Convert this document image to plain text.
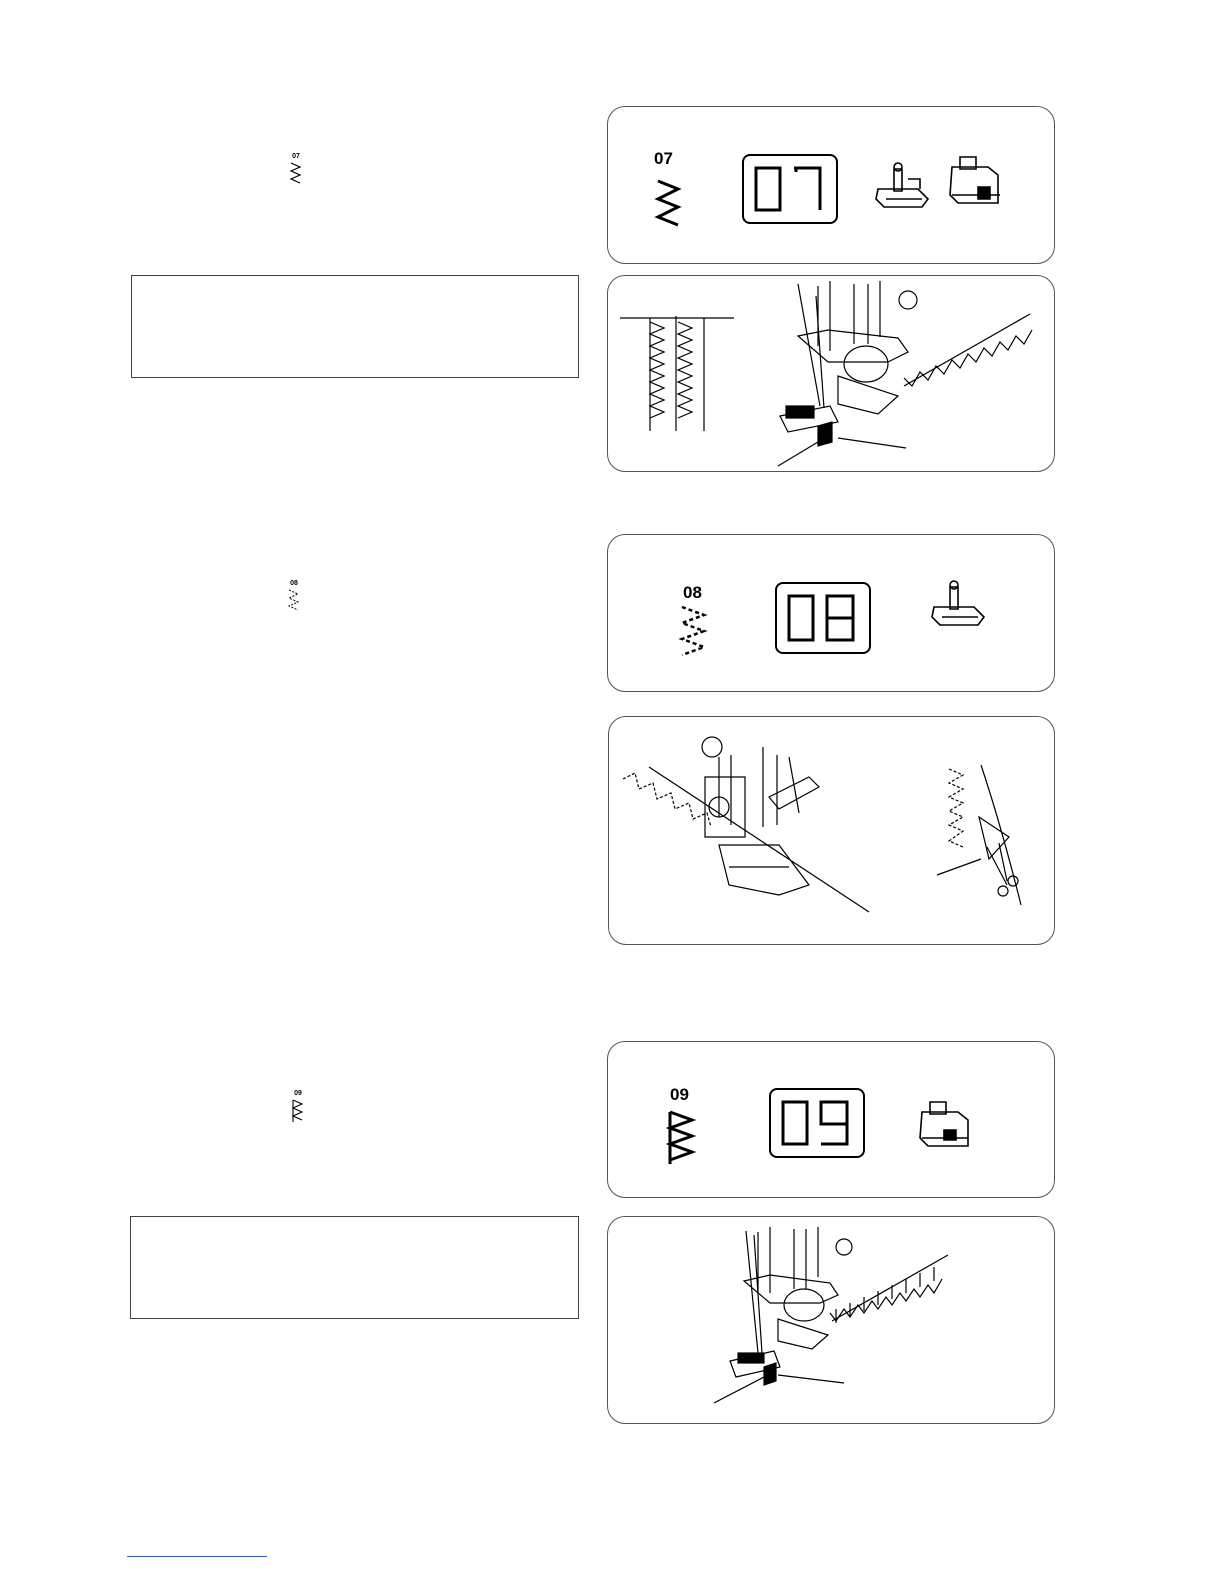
07	07
08	08
09	09
